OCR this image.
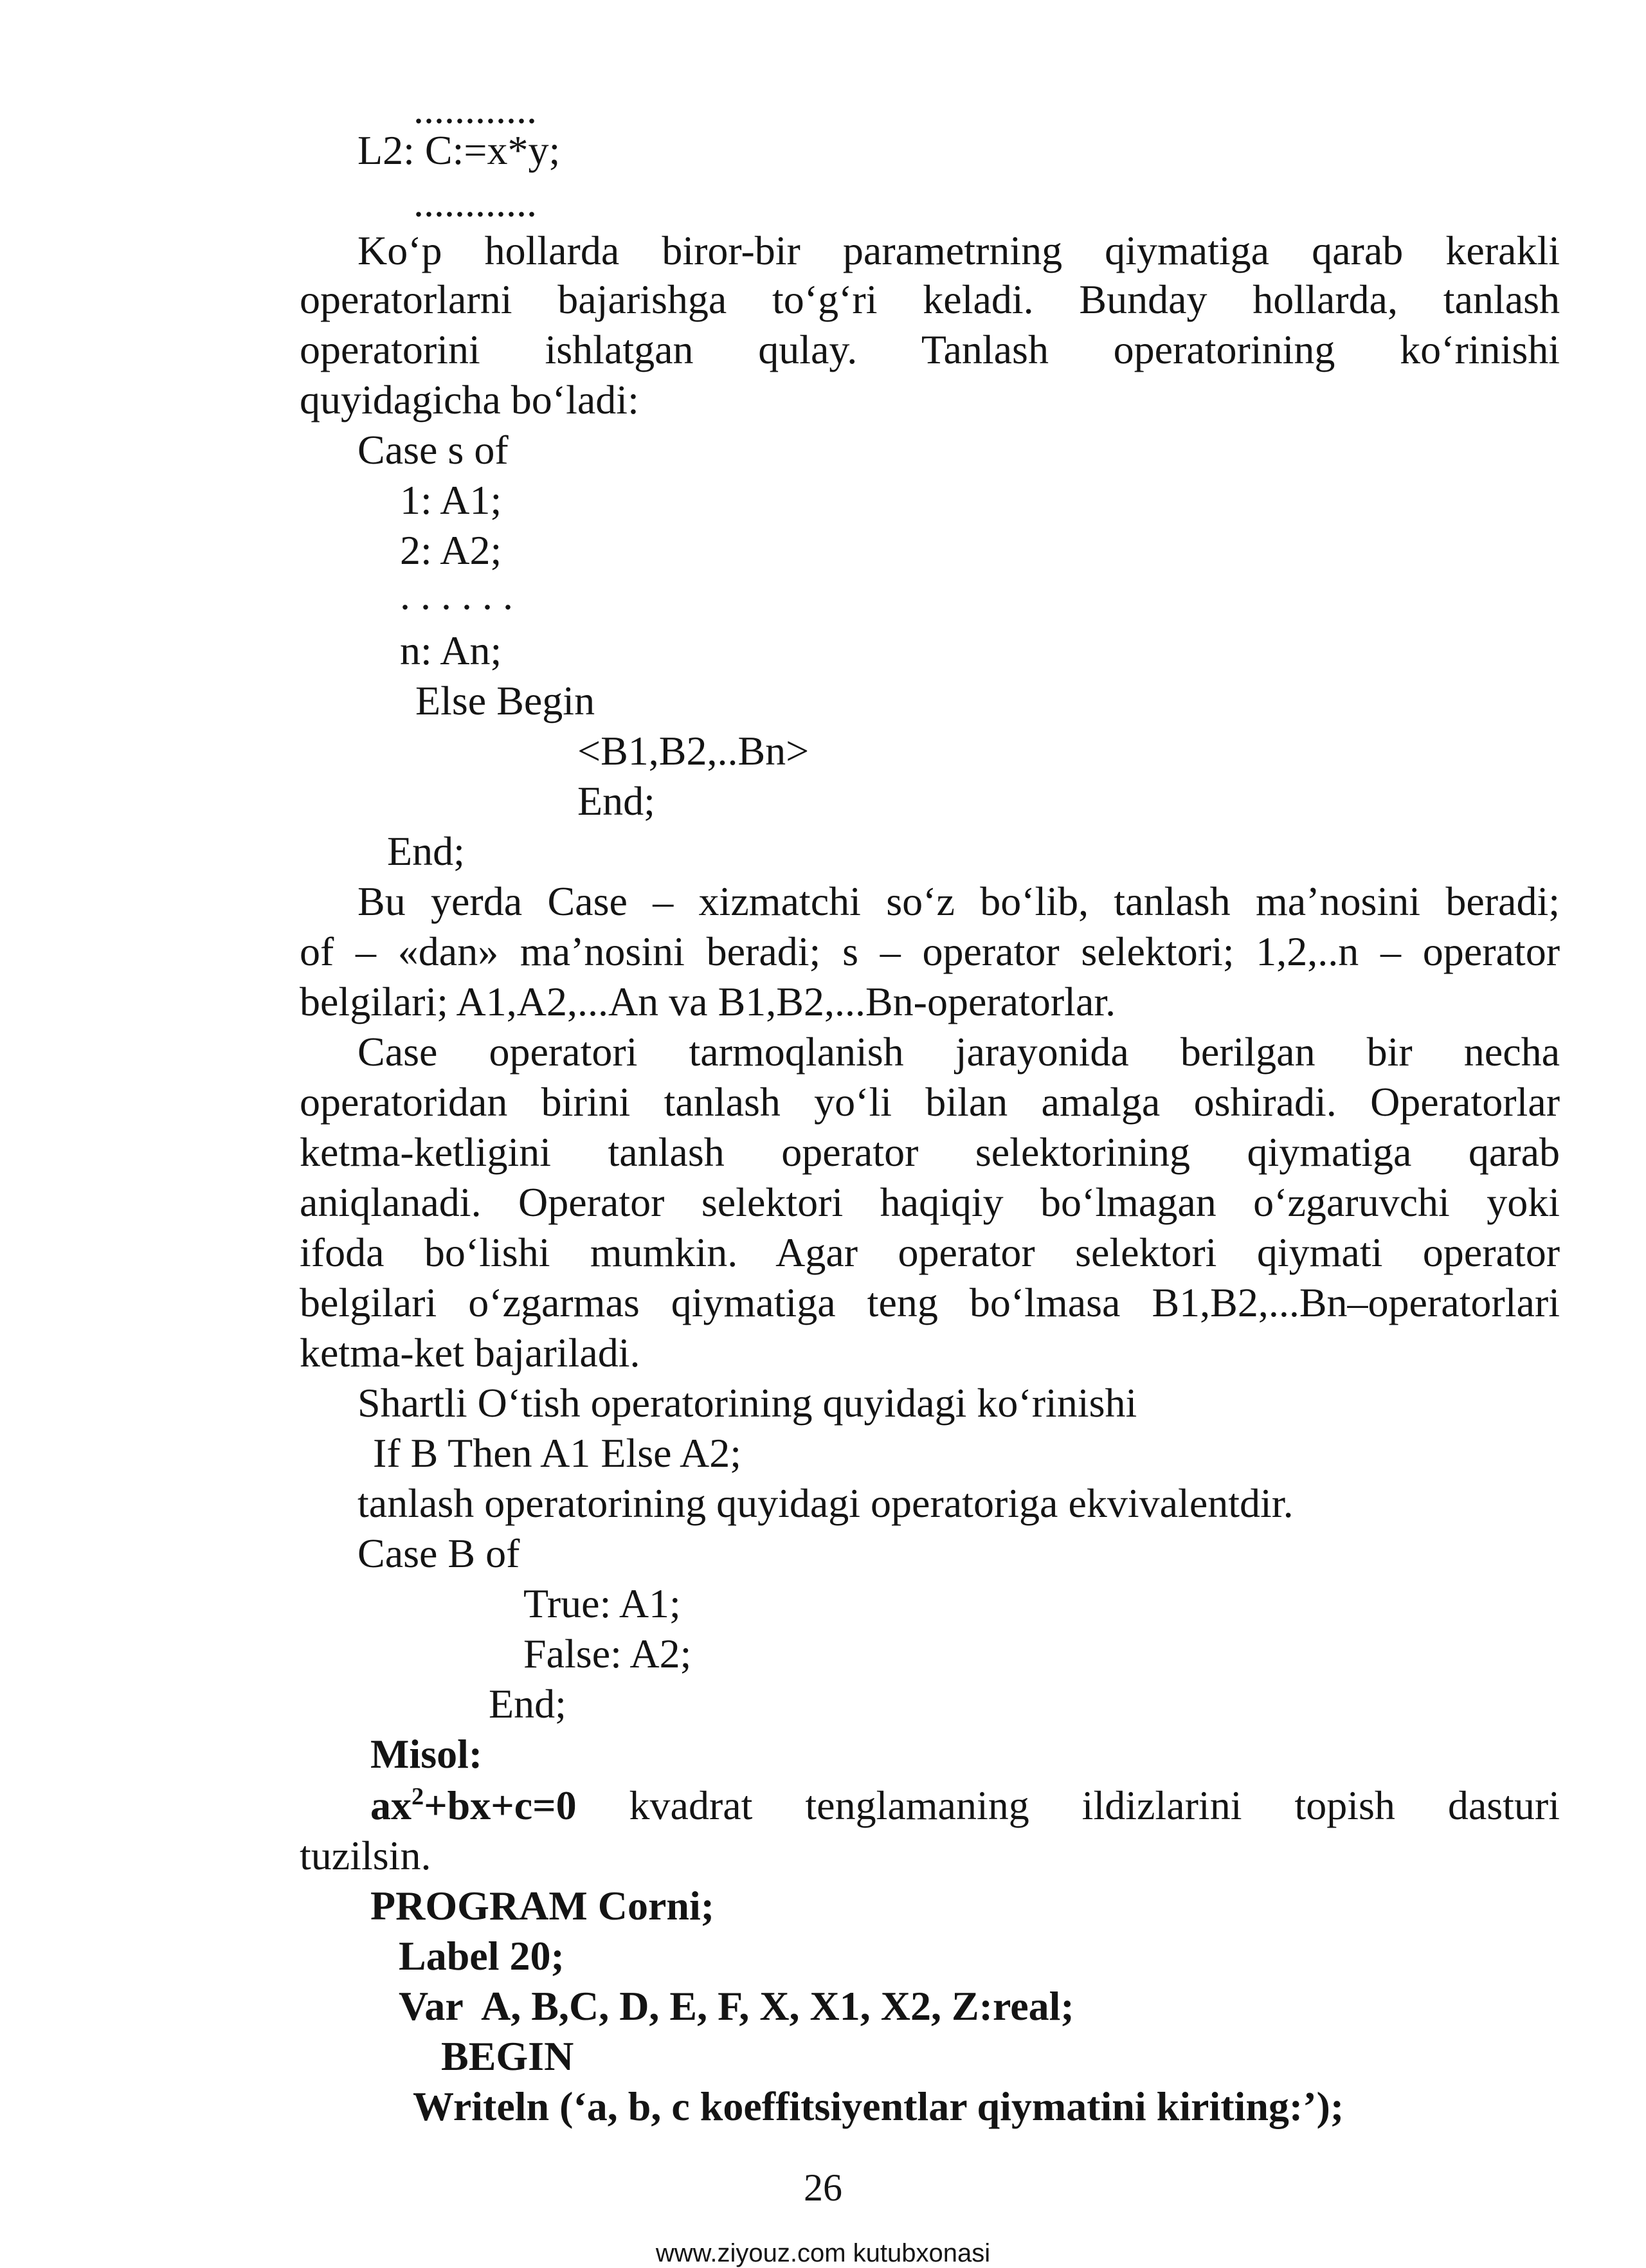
............
L2: C:=x*y;
............
Ko‘p hollarda biror-bir parametrning qiymatiga qarab kerakli
operatorlarni bajarishga to‘g‘ri keladi. Bunday hollarda, tanlash
operatorini ishlatgan qulay. Tanlash operatorining ko‘rinishi
quyidagicha bo‘ladi:
Case s of
1: A1;
2: A2;
. . . . . .
n: An;
Else Begin
<B1,B2,..Bn>
End;
End;
Bu yerda Case – xizmatchi so‘z bo‘lib, tanlash ma’nosini beradi;
of – «dan» ma’nosini beradi; s – operator selektori; 1,2,..n – operator
belgilari; A1,A2,...An va B1,B2,...Bn-operatorlar.
Case operatori tarmoqlanish jarayonida berilgan bir necha
operatoridan birini tanlash yo‘li bilan amalga oshiradi. Operatorlar
ketma-ketligini tanlash operator selektorining qiymatiga qarab
aniqlanadi. Operator selektori haqiqiy bo‘lmagan o‘zgaruvchi yoki
ifoda bo‘lishi mumkin. Agar operator selektori qiymati operator
belgilari o‘zgarmas qiymatiga teng bo‘lmasa B1,B2,...Bn–operatorlari
ketma-ket bajariladi.
Shartli O‘tish operatorining quyidagi ko‘rinishi
If B Then A1 Else A2;
tanlash operatorining quyidagi operatoriga ekvivalentdir.
Case B of
True: A1;
False: A2;
End;
Misol:
$ax^2+bx+c=0$ kvadrat tenglamaning ildizlarini topish dasturi
tuzilsin.
PROGRAM Corni;
Label 20;
Var  A, B,C, D, E, F, X, X1, X2, Z:real;
BEGIN
Writeln (‘a, b, c koeffitsiyentlar qiymatini kiriting:’);
26
www.ziyouz.com kutubxonasi
